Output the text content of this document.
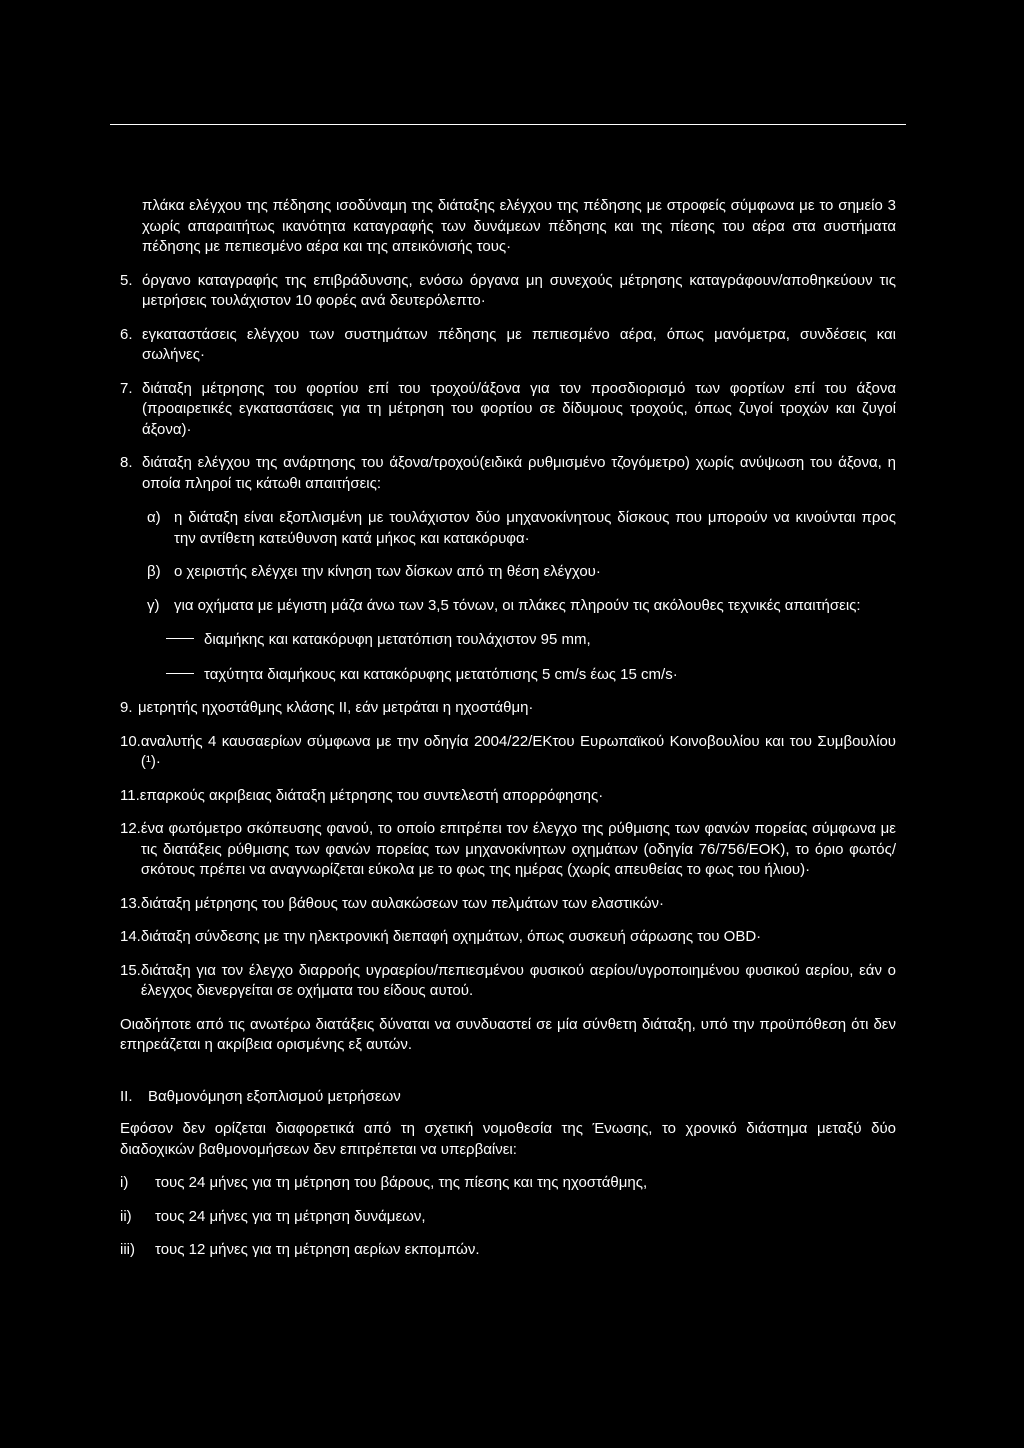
πλάκα ελέγχου της πέδησης ισοδύναμη της διάταξης ελέγχου της πέδησης με στροφείς σύμφωνα με το σημείο 3 χωρίς απαραιτήτως ικανότητα καταγραφής των δυνάμεων πέδησης και της πίεσης του αέρα στα συστήματα πέδησης με πεπιεσμένο αέρα και της απεικόνισής τους·
5. όργανο καταγραφής της επιβράδυνσης, ενόσω όργανα μη συνεχούς μέτρησης καταγράφουν/αποθηκεύουν τις μετρήσεις τουλάχιστον 10 φορές ανά δευτερόλεπτο·
6. εγκαταστάσεις ελέγχου των συστημάτων πέδησης με πεπιεσμένο αέρα, όπως μανόμετρα, συνδέσεις και σωλήνες·
7. διάταξη μέτρησης του φορτίου επί του τροχού/άξονα για τον προσδιορισμό των φορτίων επί του άξονα (προαιρετικές εγκαταστάσεις για τη μέτρηση του φορτίου σε δίδυμους τροχούς, όπως ζυγοί τροχών και ζυγοί άξονα)·
8. διάταξη ελέγχου της ανάρτησης του άξονα/τροχού(ειδικά ρυθμισμένο τζογόμετρο) χωρίς ανύψωση του άξονα, η οποία πληροί τις κάτωθι απαιτήσεις:
α) η διάταξη είναι εξοπλισμένη με τουλάχιστον δύο μηχανοκίνητους δίσκους που μπορούν να κινούνται προς την αντίθετη κατεύθυνση κατά μήκος και κατακόρυφα·
β) ο χειριστής ελέγχει την κίνηση των δίσκων από τη θέση ελέγχου·
γ) για οχήματα με μέγιστη μάζα άνω των 3,5 τόνων, οι πλάκες πληρούν τις ακόλουθες τεχνικές απαιτήσεις:
διαμήκης και κατακόρυφη μετατόπιση τουλάχιστον 95 mm,
ταχύτητα διαμήκους και κατακόρυφης μετατόπισης 5 cm/s έως 15 cm/s·
9. μετρητής ηχοστάθμης κλάσης II, εάν μετράται η ηχοστάθμη·
10. αναλυτής 4 καυσαερίων σύμφωνα με την οδηγία 2004/22/ΕΚτου Ευρωπαϊκού Κοινοβουλίου και του Συμβουλίου (¹)·
11. επαρκούς ακριβειας διάταξη μέτρησης του συντελεστή απορρόφησης·
12. ένα φωτόμετρο σκόπευσης φανού, το οποίο επιτρέπει τον έλεγχο της ρύθμισης των φανών πορείας σύμφωνα με τις διατάξεις ρύθμισης των φανών πορείας των μηχανοκίνητων οχημάτων (οδηγία 76/756/ΕΟΚ), το όριο φωτός/σκότους πρέπει να αναγνωρίζεται εύκολα με το φως της ημέρας (χωρίς απευθείας το φως του ήλιου)·
13. διάταξη μέτρησης του βάθους των αυλακώσεων των πελμάτων των ελαστικών·
14. διάταξη σύνδεσης με την ηλεκτρονική διεπαφή οχημάτων, όπως συσκευή σάρωσης του OBD·
15. διάταξη για τον έλεγχο διαρροής υγραερίου/πεπιεσμένου φυσικού αερίου/υγροποιημένου φυσικού αερίου, εάν ο έλεγχος διενεργείται σε οχήματα του είδους αυτού.
Οιαδήποτε από τις ανωτέρω διατάξεις δύναται να συνδυαστεί σε μία σύνθετη διάταξη, υπό την προϋπόθεση ότι δεν επηρεάζεται η ακρίβεια ορισμένης εξ αυτών.
II.	Βαθμονόμηση εξοπλισμού μετρήσεων
Εφόσον δεν ορίζεται διαφορετικά από τη σχετική νομοθεσία της Ένωσης, το χρονικό διάστημα μεταξύ δύο διαδοχικών βαθμονομήσεων δεν επιτρέπεται να υπερβαίνει:
i)	τους 24 μήνες για τη μέτρηση του βάρους, της πίεσης και της ηχοστάθμης,
ii)	τους 24 μήνες για τη μέτρηση δυνάμεων,
iii)	τους 12 μήνες για τη μέτρηση αερίων εκπομπών.
